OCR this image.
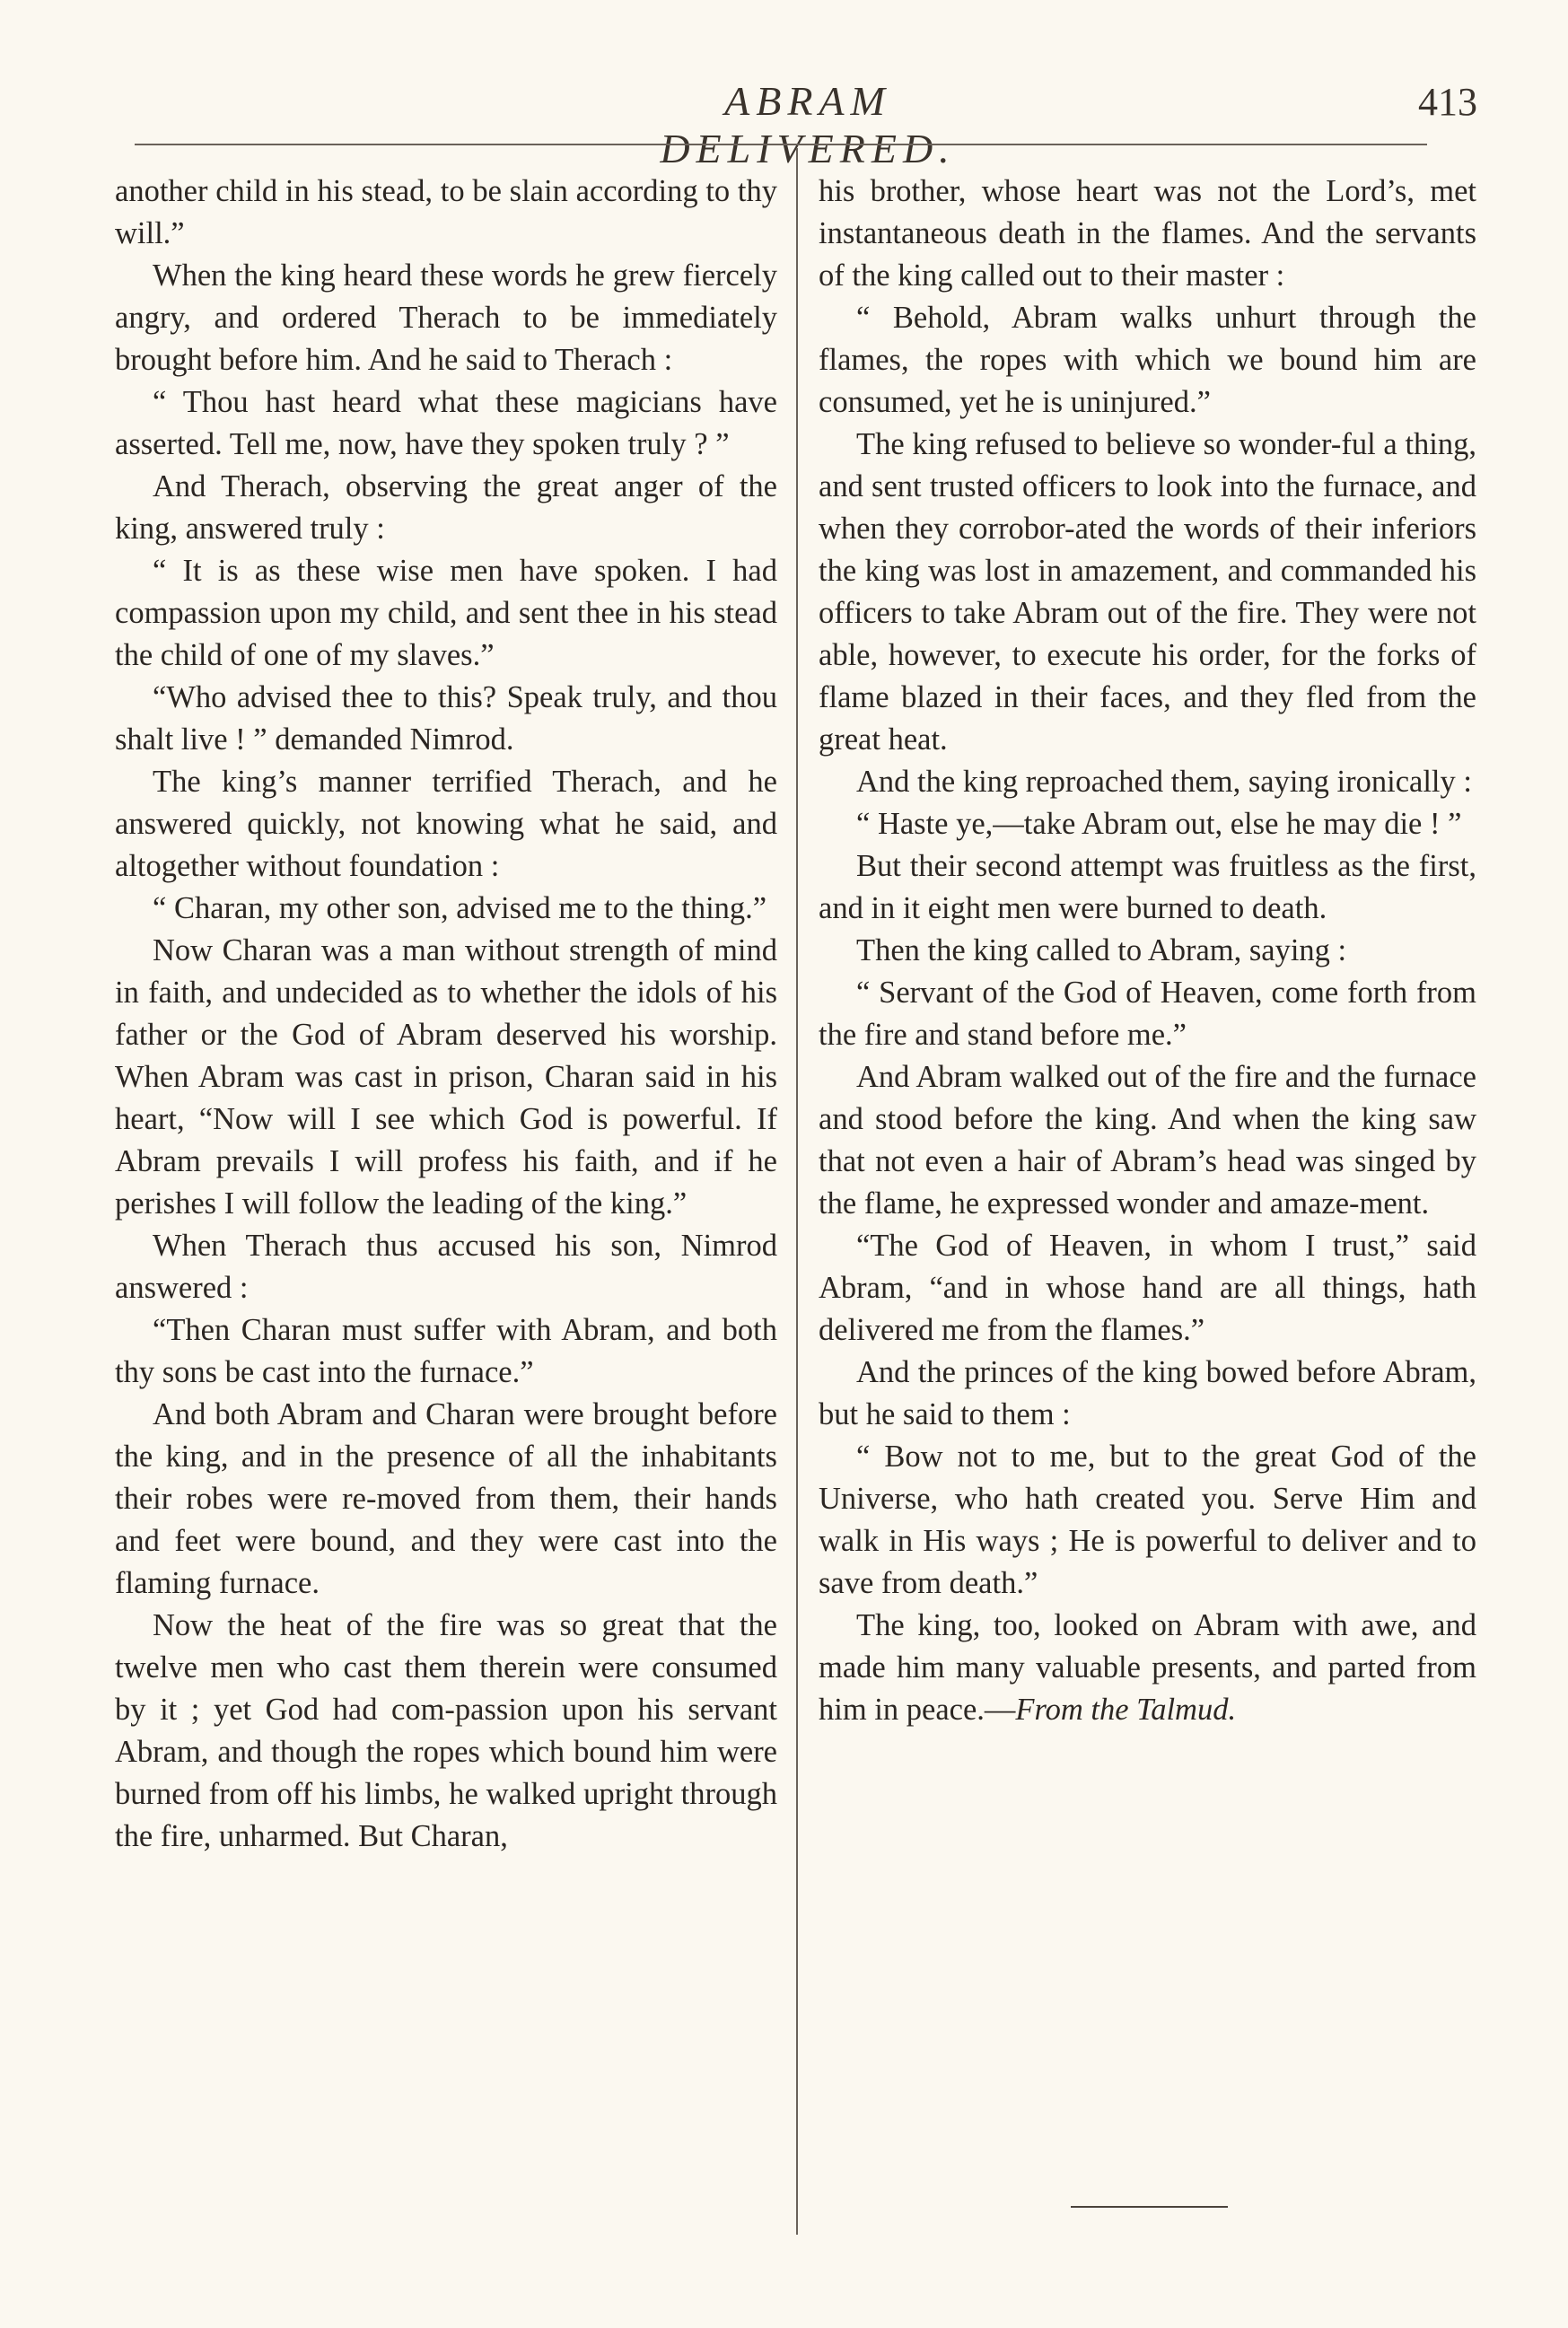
ABRAM DELIVERED.
413

another child in his stead, to be slain according to thy will.”

When the king heard these words he grew fiercely angry, and ordered Therach to be immediately brought before him. And he said to Therach :

“ Thou hast heard what these magicians have asserted. Tell me, now, have they spoken truly ? ”

And Therach, observing the great anger of the king, answered truly :

“ It is as these wise men have spoken. I had compassion upon my child, and sent thee in his stead the child of one of my slaves.”

“Who advised thee to this? Speak truly, and thou shalt live ! ” demanded Nimrod.

The king’s manner terrified Therach, and he answered quickly, not knowing what he said, and altogether without foundation :

“ Charan, my other son, advised me to the thing.”

Now Charan was a man without strength of mind in faith, and undecided as to whether the idols of his father or the God of Abram deserved his worship. When Abram was cast in prison, Charan said in his heart, “Now will I see which God is powerful. If Abram prevails I will profess his faith, and if he perishes I will follow the leading of the king.”

When Therach thus accused his son, Nimrod answered :

“Then Charan must suffer with Abram, and both thy sons be cast into the furnace.”

And both Abram and Charan were brought before the king, and in the presence of all the inhabitants their robes were re-moved from them, their hands and feet were bound, and they were cast into the flaming furnace.

Now the heat of the fire was so great that the twelve men who cast them therein were consumed by it ; yet God had com-passion upon his servant Abram, and though the ropes which bound him were burned from off his limbs, he walked upright through the fire, unharmed. But Charan,

his brother, whose heart was not the Lord’s, met instantaneous death in the flames. And the servants of the king called out to their master :

“ Behold, Abram walks unhurt through the flames, the ropes with which we bound him are consumed, yet he is uninjured.”

The king refused to believe so wonder-ful a thing, and sent trusted officers to look into the furnace, and when they corrobor-ated the words of their inferiors the king was lost in amazement, and commanded his officers to take Abram out of the fire. They were not able, however, to execute his order, for the forks of flame blazed in their faces, and they fled from the great heat.

And the king reproached them, saying ironically :

“ Haste ye,—take Abram out, else he may die ! ”

But their second attempt was fruitless as the first, and in it eight men were burned to death.

Then the king called to Abram, saying :

“ Servant of the God of Heaven, come forth from the fire and stand before me.”

And Abram walked out of the fire and the furnace and stood before the king. And when the king saw that not even a hair of Abram’s head was singed by the flame, he expressed wonder and amaze-ment.

“The God of Heaven, in whom I trust,” said Abram, “and in whose hand are all things, hath delivered me from the flames.”

And the princes of the king bowed before Abram, but he said to them :

“ Bow not to me, but to the great God of the Universe, who hath created you. Serve Him and walk in His ways ; He is powerful to deliver and to save from death.”

The king, too, looked on Abram with awe, and made him many valuable presents, and parted from him in peace.—From the Talmud.
